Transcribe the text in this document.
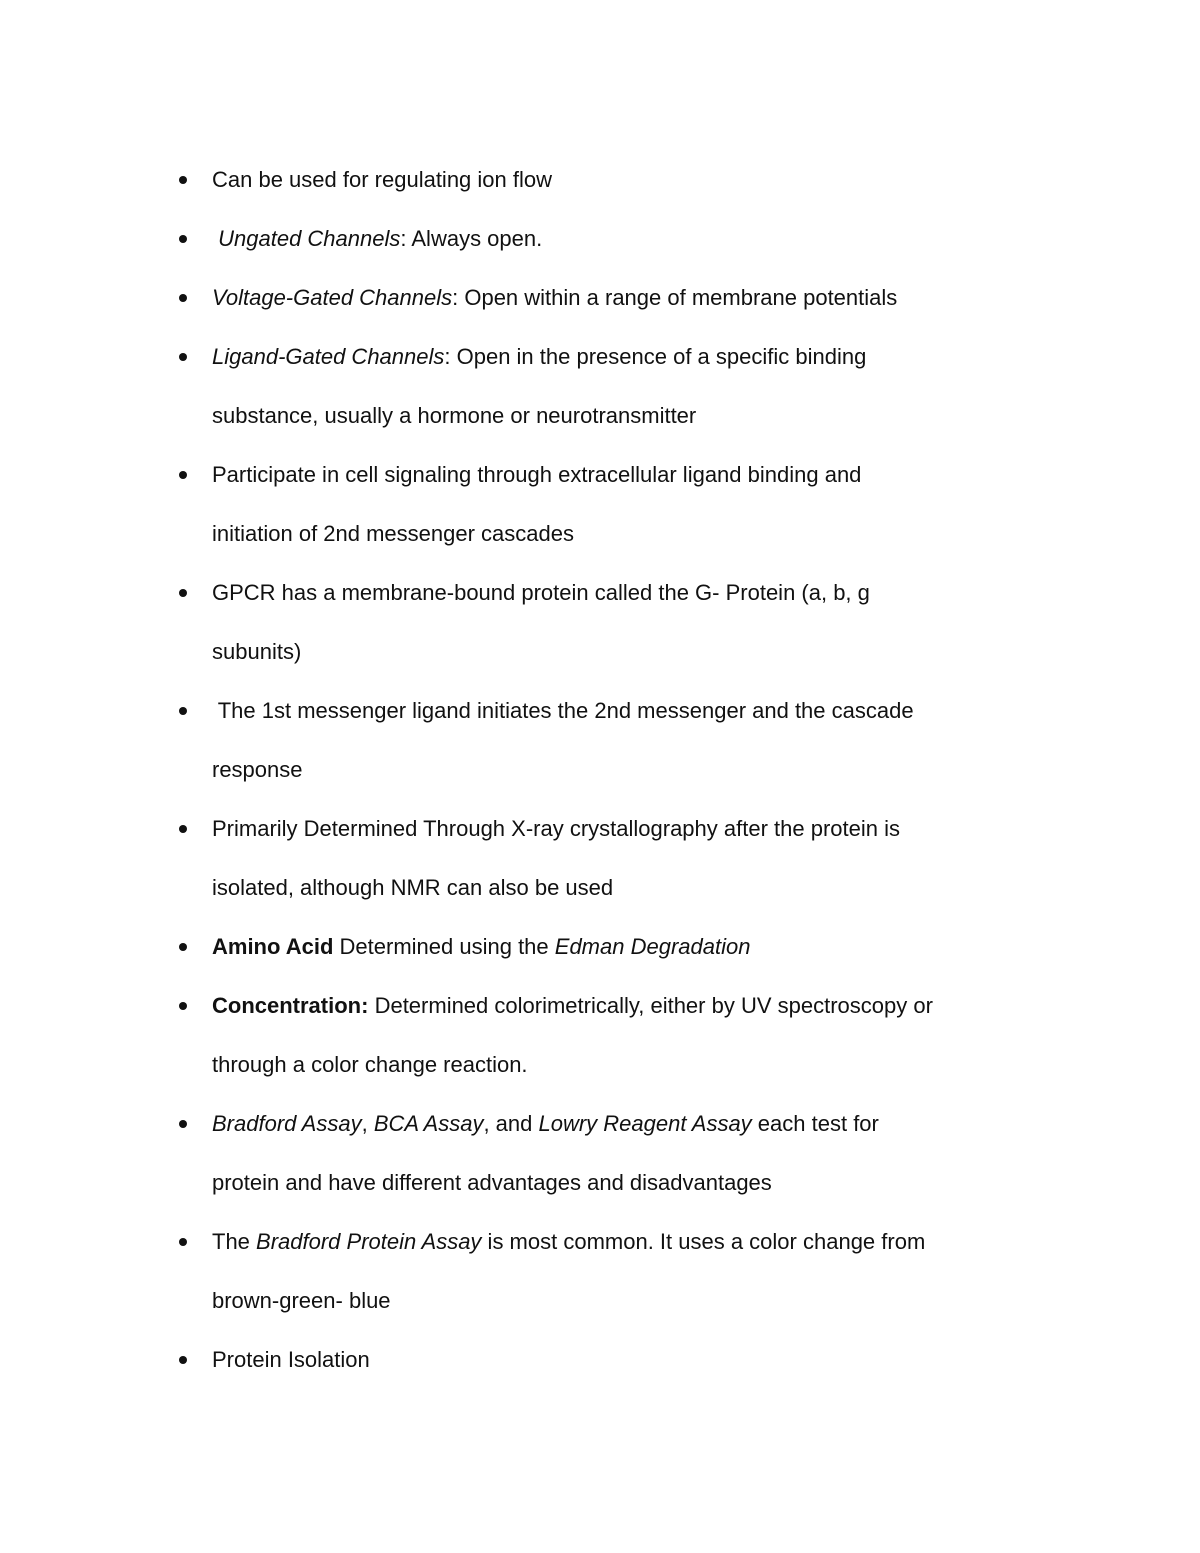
Can be used for regulating ion flow
Ungated Channels: Always open.
Voltage-Gated Channels: Open within a range of membrane potentials
Ligand-Gated Channels: Open in the presence of a specific binding
substance, usually a hormone or neurotransmitter
Participate in cell signaling through extracellular ligand binding and
initiation of 2nd messenger cascades
GPCR has a membrane-bound protein called the G- Protein (a, b, g
subunits)
The 1st messenger ligand initiates the 2nd messenger and the cascade
response
Primarily Determined Through X-ray crystallography after the protein is
isolated, although NMR can also be used
Amino Acid Determined using the Edman Degradation
Concentration: Determined colorimetrically, either by UV spectroscopy or
through a color change reaction.
Bradford Assay, BCA Assay, and Lowry Reagent Assay each test for
protein and have different advantages and disadvantages
The Bradford Protein Assay is most common. It uses a color change from
brown-green- blue
Protein Isolation
